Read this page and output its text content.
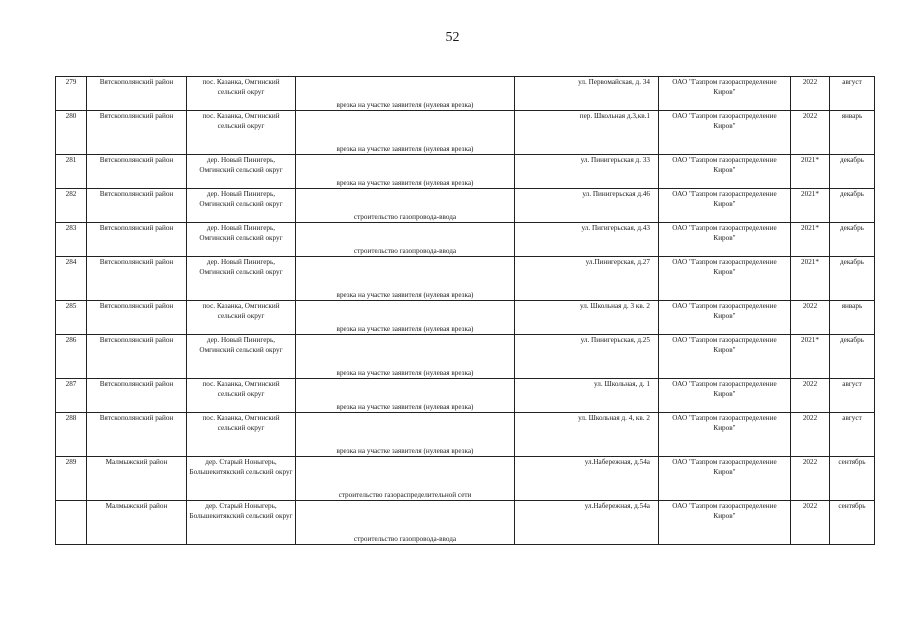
52
279	Вятскополянский район	пос. Казанка, Омгинский сельский округ	врезка на участке заявителя (нулевая врезка)	ул. Первомайская, д. 34	ОАО "Газпром газораспределение Киров"	2022	август

280	Вятскополянский район	пос. Казанка, Омгинский сельский округ	врезка на участке заявителя (нулевая врезка)	пер. Школьная д.3,кв.1	ОАО "Газпром газораспределение Киров"	2022	январь

281	Вятскополянский район	дер. Новый Пинигерь, Омгинский сельский округ	врезка на участке заявителя (нулевая врезка)	ул. Пинигерьская д. 33	ОАО "Газпром газораспределение Киров"	2021*	декабрь

282	Вятскополянский район	дер. Новый Пинигерь, Омгинский сельский округ	строительство газопровода-ввода	ул. Пинигерьская д.46	ОАО "Газпром газораспределение Киров"	2021*	декабрь

283	Вятскополянский район	дер. Новый Пинигерь, Омгинский сельский округ	строительство газопровода-ввода	ул. Пигигерьская, д.43	ОАО "Газпром газораспределение Киров"	2021*	декабрь

284	Вятскополянский район	дер. Новый Пинигерь, Омгинский сельский округ	врезка на участке заявителя (нулевая врезка)	ул.Пинигерская, д.27	ОАО "Газпром газораспределение Киров"	2021*	декабрь

285	Вятскополянский район	пос. Казанка, Омгинский сельский округ	врезка на участке заявителя (нулевая врезка)	ул. Школьная д. 3 кв. 2	ОАО "Газпром газораспределение Киров"	2022	январь

286	Вятскополянский район	дер. Новый Пинигерь, Омгинский сельский округ	врезка на участке заявителя (нулевая врезка)	ул. Пинигерьская, д.25	ОАО "Газпром газораспределение Киров"	2021*	декабрь

287	Вятскополянский район	пос. Казанка, Омгинский сельский округ	врезка на участке заявителя (нулевая врезка)	ул. Школьная, д. 1	ОАО "Газпром газораспределение Киров"	2022	август

288	Вятскополянский район	пос. Казанка, Омгинский сельский округ	врезка на участке заявителя (нулевая врезка)	ул. Школьная д. 4, кв. 2	ОАО "Газпром газораспределение Киров"	2022	август

289	Малмыжский район	дер. Старый Ноныгерь, Большекитякский сельский округ	строительство газораспределительной сети	ул.Набережная, д.54а	ОАО "Газпром газораспределение Киров"	2022	сентябрь

	Малмыжский район	дер. Старый Ноныгерь, Большекитякский сельский округ	строительство газопровода-ввода	ул.Набережная, д.54а	ОАО "Газпром газораспределение Киров"	2022	сентябрь
